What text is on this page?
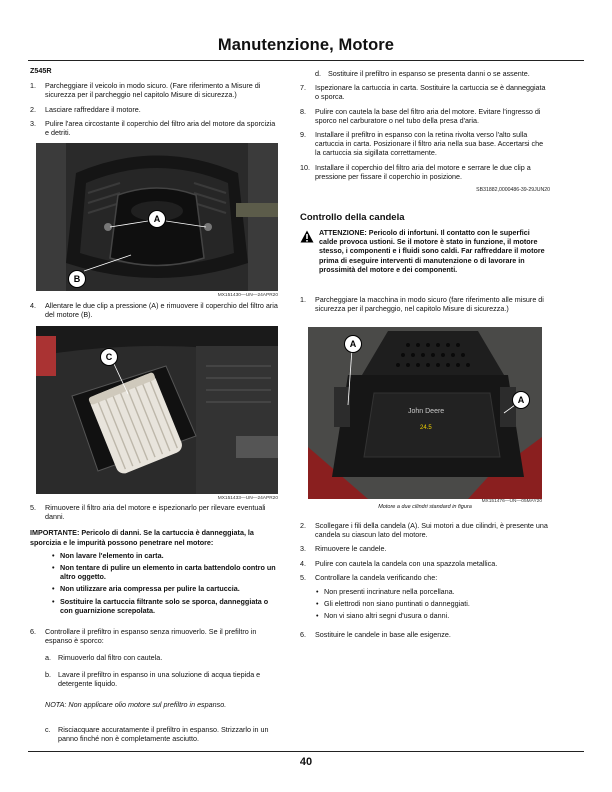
Manutenzione, Motore

Z545R

1. Parcheggiare il veicolo in modo sicuro. (Fare riferimento a Misure di sicurezza per il parcheggio nel capitolo Misure di sicurezza.)
2. Lasciare raffreddare il motore.
3. Pulire l'area circostante il coperchio del filtro aria del motore da sporcizia e detriti.
A
B
MX151430—UN—24APR20
4. Allentare le due clip a pressione (A) e rimuovere il coperchio del filtro aria del motore (B).
C
MX151433—UN—24APR20
5. Rimuovere il filtro aria del motore e ispezionarlo per rilevare eventuali danni.

IMPORTANTE: Pericolo di danni. Se la cartuccia è danneggiata, la sporcizia e le impurità possono penetrare nel motore:

• Non lavare l'elemento in carta.
• Non tentare di pulire un elemento in carta battendolo contro un altro oggetto.
• Non utilizzare aria compressa per pulire la cartuccia.
• Sostituire la cartuccia filtrante solo se sporca, danneggiata o con guarnizione screpolata.
6. Controllare il prefiltro in espanso senza rimuoverlo. Se il prefiltro in espanso è sporco:
a. Rimuoverlo dal filtro con cautela.
b. Lavare il prefiltro in espanso in una soluzione di acqua tiepida e detergente liquido.

NOTA: Non applicare olio motore sul prefiltro in espanso.

c. Risciacquare accuratamente il prefiltro in espanso. Strizzarlo in un panno finché non è completamente asciutto.
d. Sostituire il prefiltro in espanso se presenta danni o se assente.
7. Ispezionare la cartuccia in carta. Sostituire la cartuccia se è danneggiata o sporca.
8. Pulire con cautela la base del filtro aria del motore. Evitare l'ingresso di sporco nel carburatore o nel tubo della presa d'aria.
9. Installare il prefiltro in espanso con la retina rivolta verso l'alto sulla cartuccia in carta. Posizionare il filtro aria nella sua base. Accertarsi che la cartuccia sia sigillata correttamente.
10. Installare il coperchio del filtro aria del motore e serrare le due clip a pressione per fissare il coperchio in posizione.

SB31882,0000486-39-29JUN20

Controllo della candela
ATTENZIONE: Pericolo di infortuni. Il contatto con le superfici calde provoca ustioni. Se il motore è stato in funzione, il motore stesso, i componenti e i fluidi sono caldi. Far raffreddare il motore prima di eseguire interventi di manutenzione o di lavorare in prossimità del motore e dei componenti.
1. Parcheggiare la macchina in modo sicuro (fare riferimento alle misure di sicurezza per il parcheggio, nel capitolo Misure di sicurezza.)
John Deere
24.5
A
A
MX151476—UN—05MAY20
Motore a due cilindri standard in figura
2. Scollegare i fili della candela (A). Sui motori a due cilindri, è presente una candela su ciascun lato del motore.
3. Rimuovere le candele.
4. Pulire con cautela la candela con una spazzola metallica.
5. Controllare la candela verificando che:
• Non presenti incrinature nella porcellana.
• Gli elettrodi non siano puntinati o danneggiati.
• Non vi siano altri segni d'usura o danni.
6. Sostituire le candele in base alle esigenze.
40
